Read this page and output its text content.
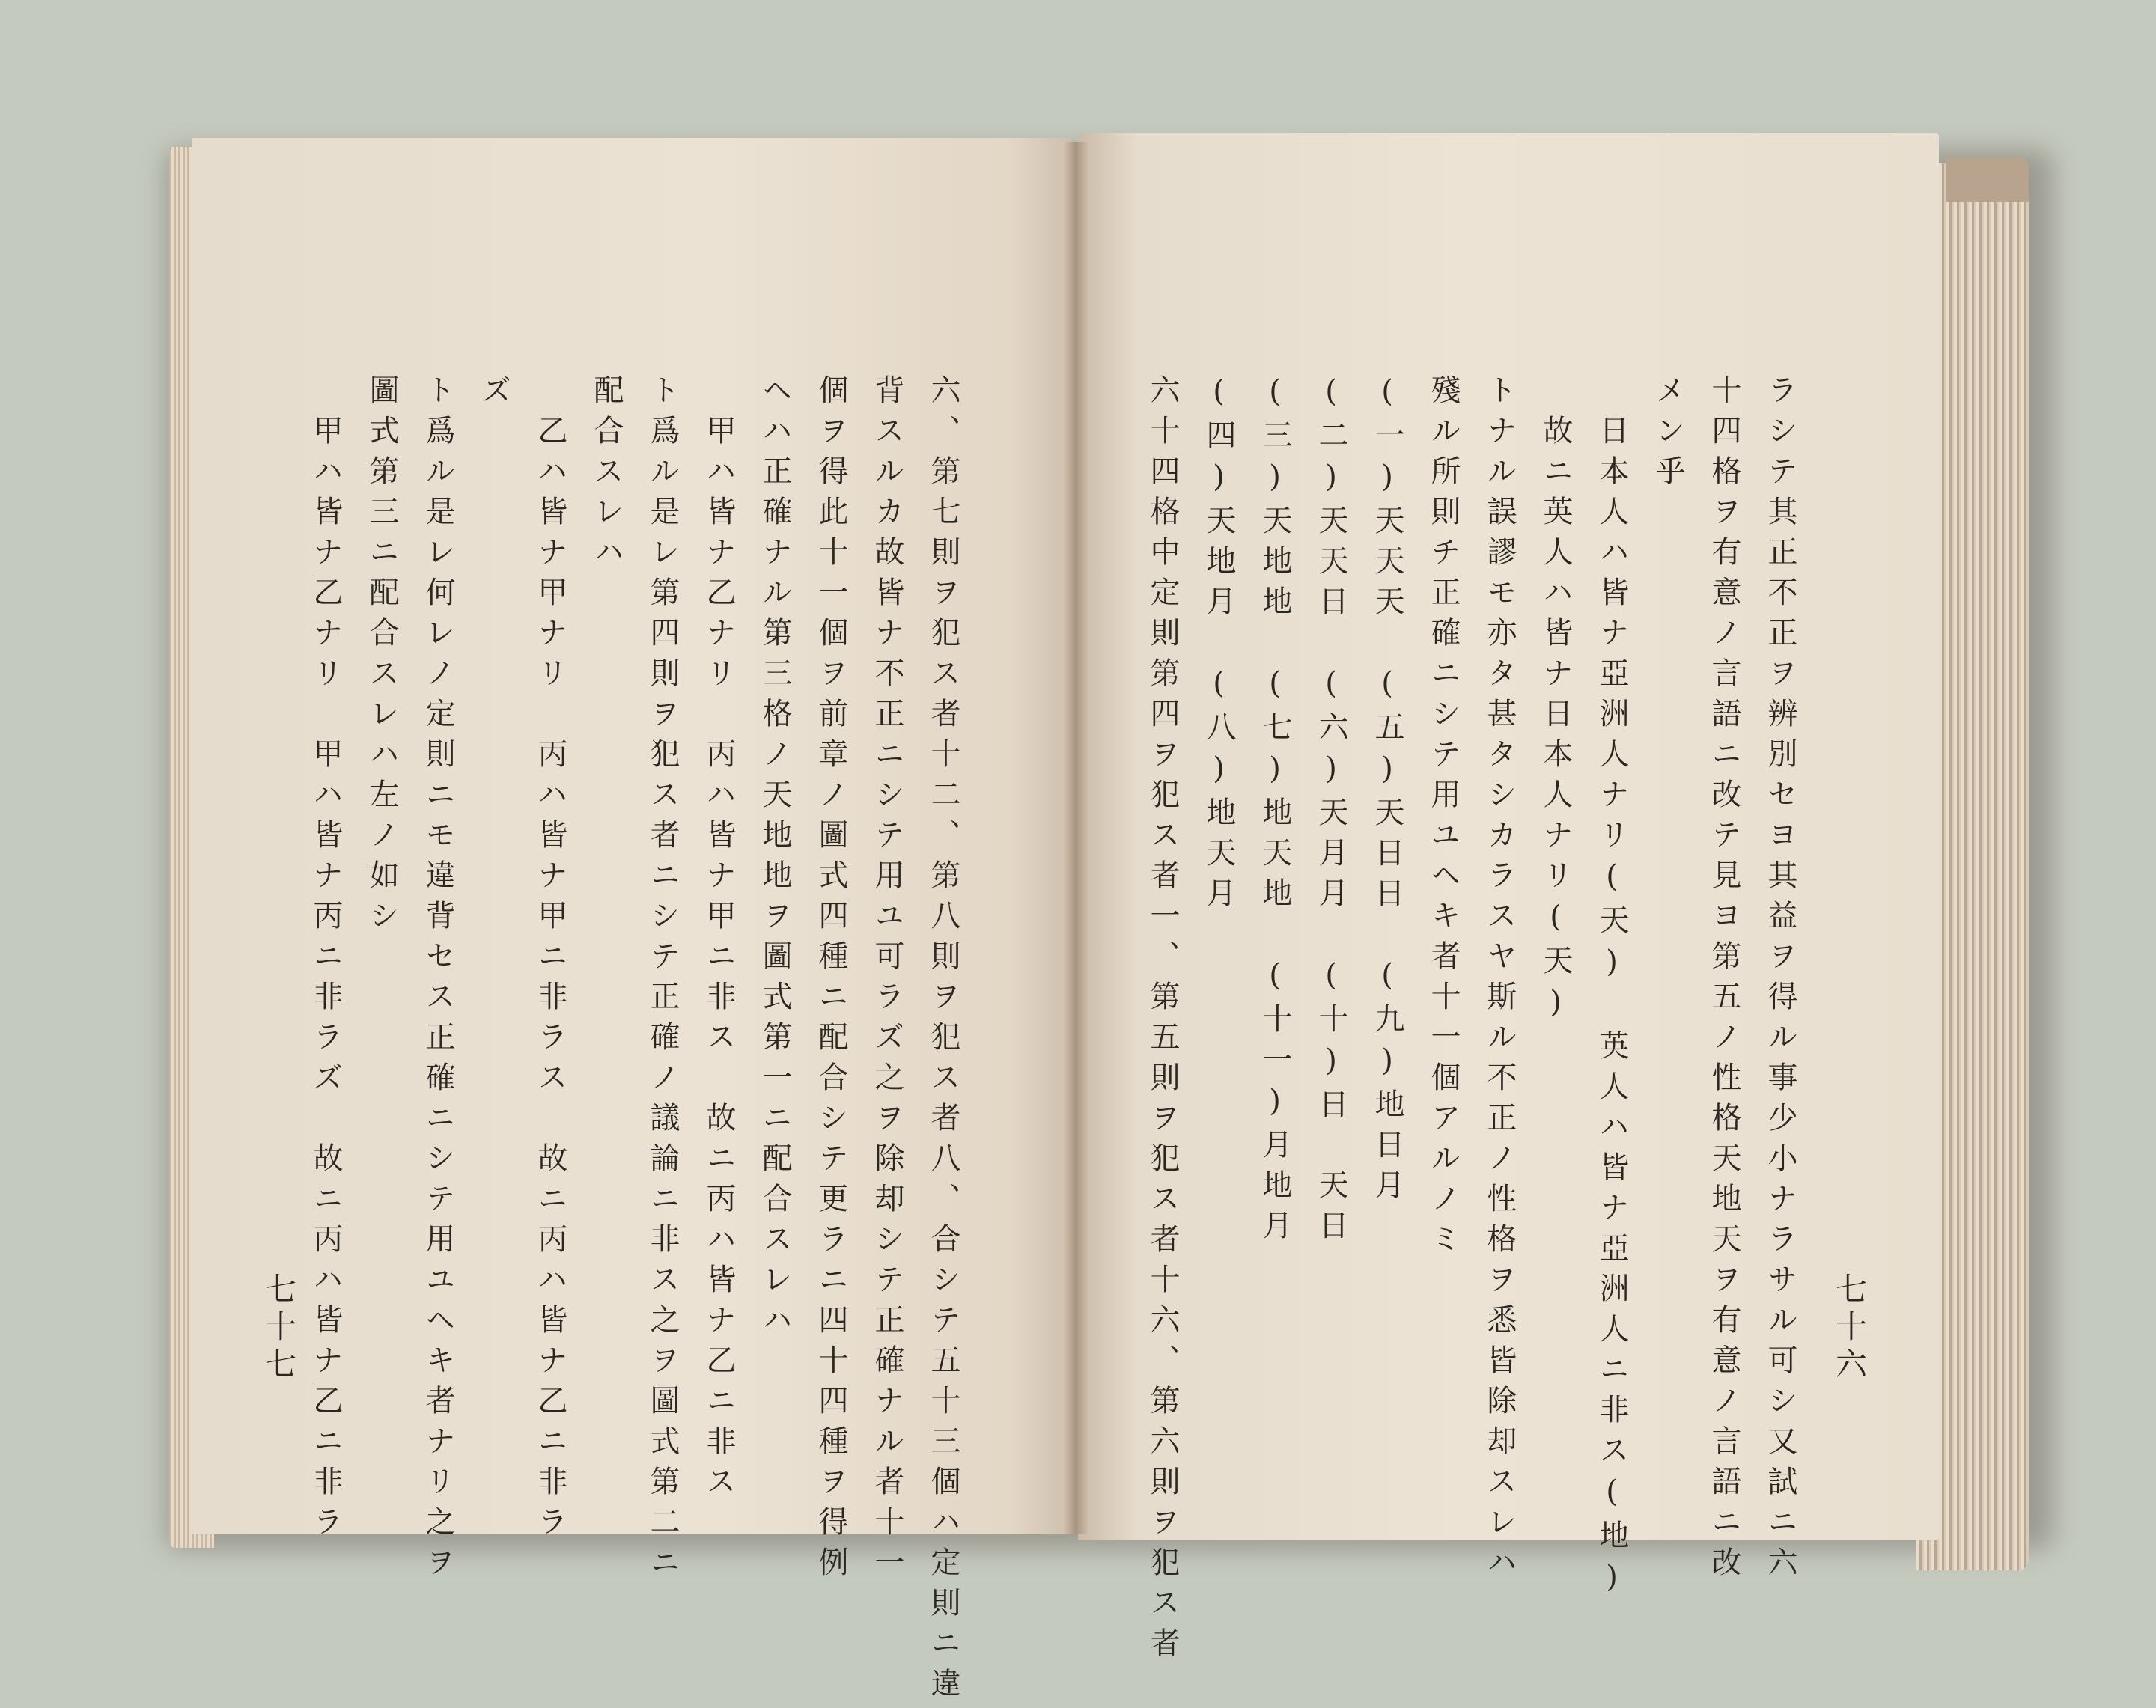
ラシテ其正不正ヲ辨別セヨ其益ヲ得ル事少小ナラサル可シ又試ニ六
十四格ヲ有意ノ言語ニ改テ見ヨ第五ノ性格天地天ヲ有意ノ言語ニ改
メン乎
　日本人ハ皆ナ亞洲人ナリ(天)　英人ハ皆ナ亞洲人ニ非ス(地)
　故ニ英人ハ皆ナ日本人ナリ(天)
トナル誤謬モ亦タ甚タシカラスヤ斯ル不正ノ性格ヲ悉皆除却スレハ
殘ル所則チ正確ニシテ用ユヘキ者十一個アルノミ
(一)天天天　(五)天日日　(九)地日月
(二)天天日　(六)天月月　(十)日　天日
(三)天地地　(七)地天地　(十一)月地月
(四)天地月　(八)地天月
六十四格中定則第四ヲ犯ス者一、第五則ヲ犯ス者十六、第六則ヲ犯ス者	七十六
六、第七則ヲ犯ス者十二、第八則ヲ犯ス者八、合シテ五十三個ハ定則ニ違
背スルカ故皆ナ不正ニシテ用ユ可ラズ之ヲ除却シテ正確ナル者十一
個ヲ得此十一個ヲ前章ノ圖式四種ニ配合シテ更ラニ四十四種ヲ得例
ヘハ正確ナル第三格ノ天地地ヲ圖式第一ニ配合スレハ
　甲ハ皆ナ乙ナリ　丙ハ皆ナ甲ニ非ス　故ニ丙ハ皆ナ乙ニ非ス
ト爲ル是レ第四則ヲ犯ス者ニシテ正確ノ議論ニ非ス之ヲ圖式第二ニ
配合スレハ
　乙ハ皆ナ甲ナリ　丙ハ皆ナ甲ニ非ラス　故ニ丙ハ皆ナ乙ニ非ラ
ズ
ト爲ル是レ何レノ定則ニモ違背セス正確ニシテ用ユヘキ者ナリ之ヲ
圖式第三ニ配合スレハ左ノ如シ
　甲ハ皆ナ乙ナリ　甲ハ皆ナ丙ニ非ラズ　故ニ丙ハ皆ナ乙ニ非ラ
七十七
